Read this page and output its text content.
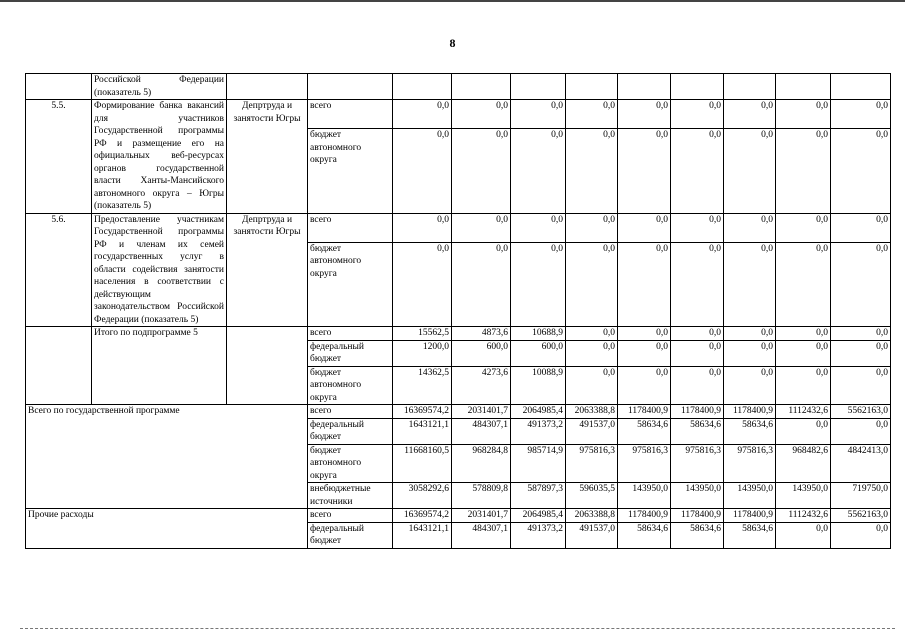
8
	Российской Федерации (показатель 5)											
5.5.	Формирование банка вакансий для участников Государственной программы РФ и размещение его на официальных веб-ресурсах органов государственной власти Ханты-Мансийского автономного округа – Югры (показатель 5)	Депртруда и занятости Югры	всего	0,0	0,0	0,0	0,0	0,0	0,0	0,0	0,0	0,0
			бюджет автономного округа	0,0	0,0	0,0	0,0	0,0	0,0	0,0	0,0	0,0
5.6.	Предоставление участникам Государственной программы РФ и членам их семей государственных услуг в области содействия занятости населения в соответствии с действующим законодательством Российской Федерации (показатель 5)	Депртруда и занятости Югры	всего	0,0	0,0	0,0	0,0	0,0	0,0	0,0	0,0	0,0
			бюджет автономного округа	0,0	0,0	0,0	0,0	0,0	0,0	0,0	0,0	0,0
	Итого по подпрограмме 5		всего	15562,5	4873,6	10688,9	0,0	0,0	0,0	0,0	0,0	0,0
			федеральный бюджет	1200,0	600,0	600,0	0,0	0,0	0,0	0,0	0,0	0,0
			бюджет автономного округа	14362,5	4273,6	10088,9	0,0	0,0	0,0	0,0	0,0	0,0
Всего по государственной программе			всего	16369574,2	2031401,7	2064985,4	2063388,8	1178400,9	1178400,9	1178400,9	1112432,6	5562163,0
			федеральный бюджет	1643121,1	484307,1	491373,2	491537,0	58634,6	58634,6	58634,6	0,0	0,0
			бюджет автономного округа	11668160,5	968284,8	985714,9	975816,3	975816,3	975816,3	975816,3	968482,6	4842413,0
			внебюджетные источники	3058292,6	578809,8	587897,3	596035,5	143950,0	143950,0	143950,0	143950,0	719750,0
Прочие расходы			всего	16369574,2	2031401,7	2064985,4	2063388,8	1178400,9	1178400,9	1178400,9	1112432,6	5562163,0
			федеральный бюджет	1643121,1	484307,1	491373,2	491537,0	58634,6	58634,6	58634,6	0,0	0,0
